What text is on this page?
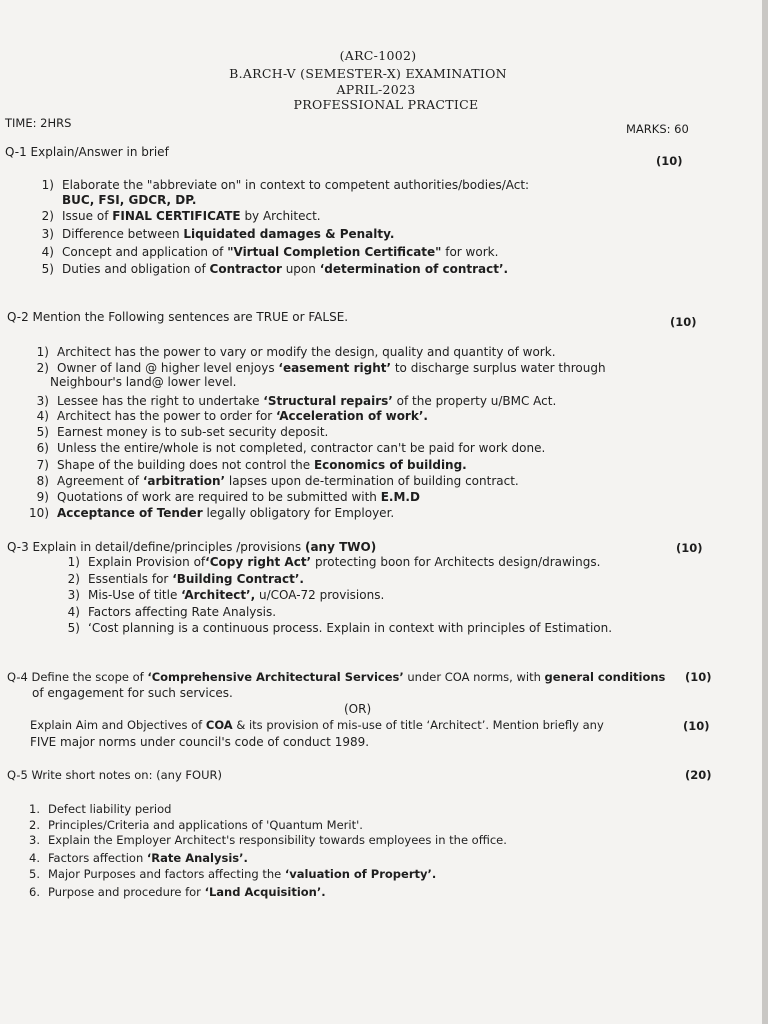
(ARC-1002)
B.ARCH-V (SEMESTER-X) EXAMINATION
APRIL-2023
PROFESSIONAL PRACTICE
TIME: 2HRS	MARKS: 60
Q-1 Explain/Answer in brief
(10)
1) Elaborate the "abbreviate on" in context to competent authorities/bodies/Act:
BUC, FSI, GDCR, DP.
2) Issue of FINAL CERTIFICATE by Architect.
3) Difference between Liquidated damages & Penalty.
4) Concept and application of "Virtual Completion Certificate" for work.
5) Duties and obligation of Contractor upon ‘determination of contract’.
Q-2 Mention the Following sentences are TRUE or FALSE.	(10)
1) Architect has the power to vary or modify the design, quality and quantity of work.
2) Owner of land @ higher level enjoys ‘easement right’ to discharge surplus water through
Neighbour's land@ lower level.
3) Lessee has the right to undertake ‘Structural repairs’ of the property u/BMC Act.
4) Architect has the power to order for ‘Acceleration of work’.
5) Earnest money is to sub-set security deposit.
6) Unless the entire/whole is not completed, contractor can't be paid for work done.
7) Shape of the building does not control the Economics of building.
8) Agreement of ‘arbitration’ lapses upon de-termination of building contract.
9) Quotations of work are required to be submitted with E.M.D
10) Acceptance of Tender legally obligatory for Employer.
Q-3 Explain in detail/define/principles /provisions (any TWO)	(10)
1) Explain Provision of‘Copy right Act’ protecting boon for Architects design/drawings.
2) Essentials for ‘Building Contract’.
3) Mis-Use of title ‘Architect’, u/COA-72 provisions.
4) Factors affecting Rate Analysis.
5) ‘Cost planning is a continuous process. Explain in context with principles of Estimation.
Q-4 Define the scope of ‘Comprehensive Architectural Services’ under COA norms, with general conditions (10)
of engagement for such services.
(OR)
Explain Aim and Objectives of COA & its provision of mis-use of title ‘Architect’. Mention briefly any	(10)
FIVE major norms under council's code of conduct 1989.
Q-5 Write short notes on: (any FOUR)	(20)
1. Defect liability period
2. Principles/Criteria and applications of 'Quantum Merit'.
3. Explain the Employer Architect's responsibility towards employees in the office.
4. Factors affection ‘Rate Analysis’.
5. Major Purposes and factors affecting the ‘valuation of Property’.
6. Purpose and procedure for ‘Land Acquisition’.
